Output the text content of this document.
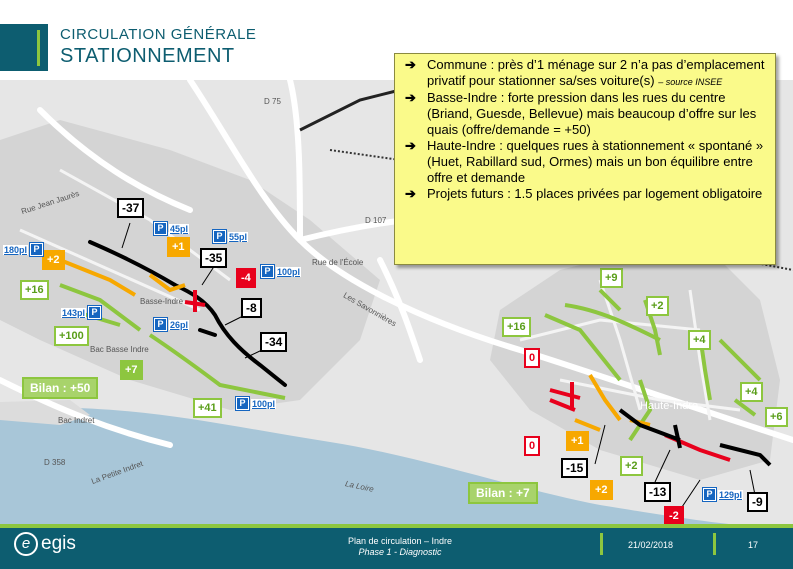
CIRCULATION GÉNÉRALE
STATIONNEMENT
D 75
D 107
D 358
Basse-Indre
Bac Indret
Bac Basse Indre
Rue Jean Jaurès
Rue de l'École
Les Savonnières
Haute-Indre
La Loire
La Petite Indret
-37
-35
-4
-8
-34
+1
+2
+16
+100
+7
+41
Bilan : +50
+9
+2
+16
+4
+4
+6
0
0	+1
+2
+2
-15
-13
-2
-9
Bilan : +7
P 45pl
P 55pl
180pl P
P 100pl
143pl P
P 26pl
P 100pl
P 129pl
➔ Commune : près d’1 ménage sur 2 n’a pas d’emplacement privatif pour stationner sa/ses voiture(s) – source INSEE
➔ Basse-Indre : forte pression dans les rues du centre (Briand, Guesde, Bellevue) mais beaucoup d’offre sur les quais (offre/demande = +50)
➔ Haute-Indre : quelques rues à stationnement « spontané » (Huet, Rabillard sud, Ormes) mais un bon équilibre entre offre et demande
➔ Projets futurs : 1.5 places privées par logement obligatoire
e egis	Plan de circulation – Indre
Phase 1 - Diagnostic
21/02/2018	17
